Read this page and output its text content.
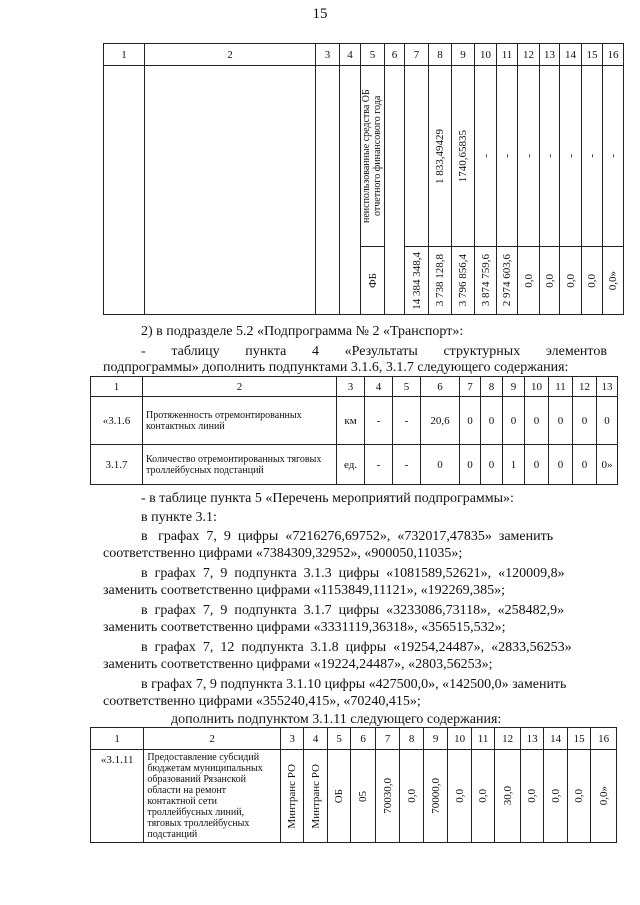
15
1	2	3	4	5	6	7	8	9	10	11	12	13	14	15	16

				неиспользованные средства ОБ отчетного финансового года			1 833,49429	1740,65835	-	-	-	-	-	-	-

				ФБ		14 384 348,4	3 738 128,8	3 796 856,4	3 874 759,6	2 974 603,6	0,0	0,0	0,0	0,0	0,0»
2) в подразделе 5.2 «Подпрограмма № 2 «Транспорт»:
- таблицу пункта 4 «Результаты структурных элементов
подпрограммы» дополнить подпунктами 3.1.6, 3.1.7 следующего содержания:
1	2	3	4	5	6	7	8	9	10	11	12	13
«3.1.6	Протяженность отремонтированных контактных линий	км	-	-	20,6	0	0	0	0	0	0	0
3.1.7	Количество отремонтированных тяговых троллейбусных подстанций	ед.	-	-	0	0	0	1	0	0	0	0»
- в таблице пункта 5 «Перечень мероприятий подпрограммы»:
в пункте 3.1:
в   графах  7,  9  цифры  «7216276,69752»,  «732017,47835»  заменить
соответственно цифрами «7384309,32952», «900050,11035»;
в  графах  7,  9  подпункта  3.1.3  цифры  «1081589,52621»,  «120009,8»
заменить соответственно цифрами «1153849,11121», «192269,385»;
в  графах  7,  9  подпункта  3.1.7  цифры  «3233086,73118»,  «258482,9»
заменить соответственно цифрами «3331119,36318», «356515,532»;
в  графах  7,  12  подпункта  3.1.8  цифры  «19254,24487»,  «2833,56253»
заменить соответственно цифрами «19224,24487», «2803,56253»;
в графах 7, 9 подпункта 3.1.10 цифры «427500,0», «142500,0» заменить
соответственно цифрами «355240,415», «70240,415»;
дополнить подпунктом 3.1.11 следующего содержания:
1	2	3	4	5	6	7	8	9	10	11	12	13	14	15	16
«3.1.11	Предоставление субсидий бюджетам муниципальных образований Рязанской области на ремонт контактной сети троллейбусных линий, тяговых троллейбусных подстанций	Минтранс РО	Минтранс РО	ОБ	05	70030,0	0,0	70000,0	0,0	0,0	30,0	0,0	0,0	0,0	0,0»
